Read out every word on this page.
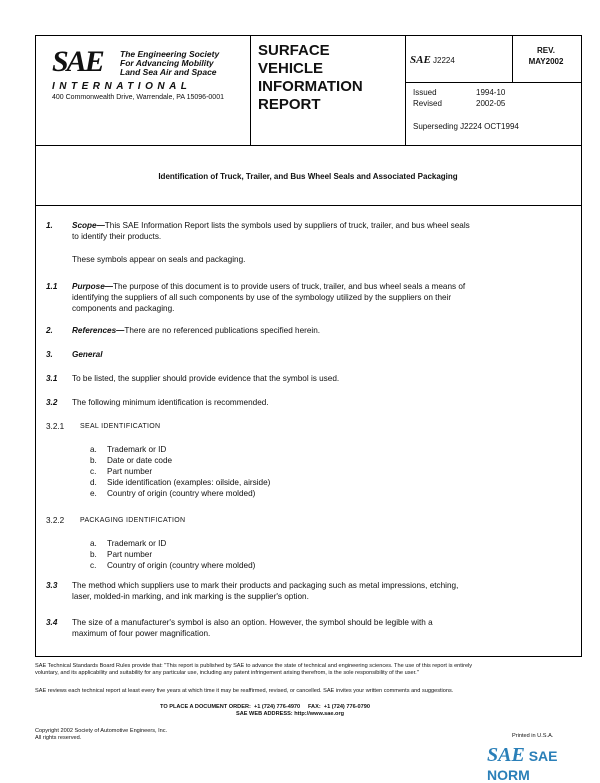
SAE The Engineering Society
For Advancing Mobility
Land Sea Air and Space
INTERNATIONAL
400 Commonwealth Drive, Warrendale, PA 15096-0001
SURFACE
VEHICLE
INFORMATION
REPORT
SAE J2224
REV.
MAY2002
Issued	1994-10
Revised	2002-05
Superseding J2224 OCT1994
Identification of Truck, Trailer, and Bus Wheel Seals and Associated Packaging
1. Scope—This SAE Information Report lists the symbols used by suppliers of truck, trailer, and bus wheel seals
to identify their products.
These symbols appear on seals and packaging.
1.1 Purpose—The purpose of this document is to provide users of truck, trailer, and bus wheel seals a means of
identifying the suppliers of all such components by use of the symbology utilized by the suppliers on their
components and packaging.
2. References—There are no referenced publications specified herein.
3. General
3.1 To be listed, the supplier should provide evidence that the symbol is used.
3.2 The following minimum identification is recommended.
3.2.1 SEAL IDENTIFICATION
a. Trademark or ID
b. Date or date code
c. Part number
d. Side identification (examples: oilside, airside)
e. Country of origin (country where molded)
3.2.2 PACKAGING IDENTIFICATION
a. Trademark or ID
b. Part number
c. Country of origin (country where molded)
3.3 The method which suppliers use to mark their products and packaging such as metal impressions, etching,
laser, molded-in marking, and ink marking is the supplier's option.
3.4 The size of a manufacturer's symbol is also an option. However, the symbol should be legible with a
maximum of four power magnification.
SAE Technical Standards Board Rules provide that: "This report is published by SAE to advance the state of technical and engineering sciences. The use of this report is entirely
voluntary, and its applicability and suitability for any particular use, including any patent infringement arising therefrom, is the sole responsibility of the user."
SAE reviews each technical report at least every five years at which time it may be reaffirmed, revised, or cancelled. SAE invites your written comments and suggestions.
TO PLACE A DOCUMENT ORDER: +1 (724) 776-4970 FAX: +1 (724) 776-0790
SAE WEB ADDRESS: http://www.sae.org
Copyright 2002 Society of Automotive Engineers, Inc.
All rights reserved.	Printed in U.S.A.
SAE SAE NORM
